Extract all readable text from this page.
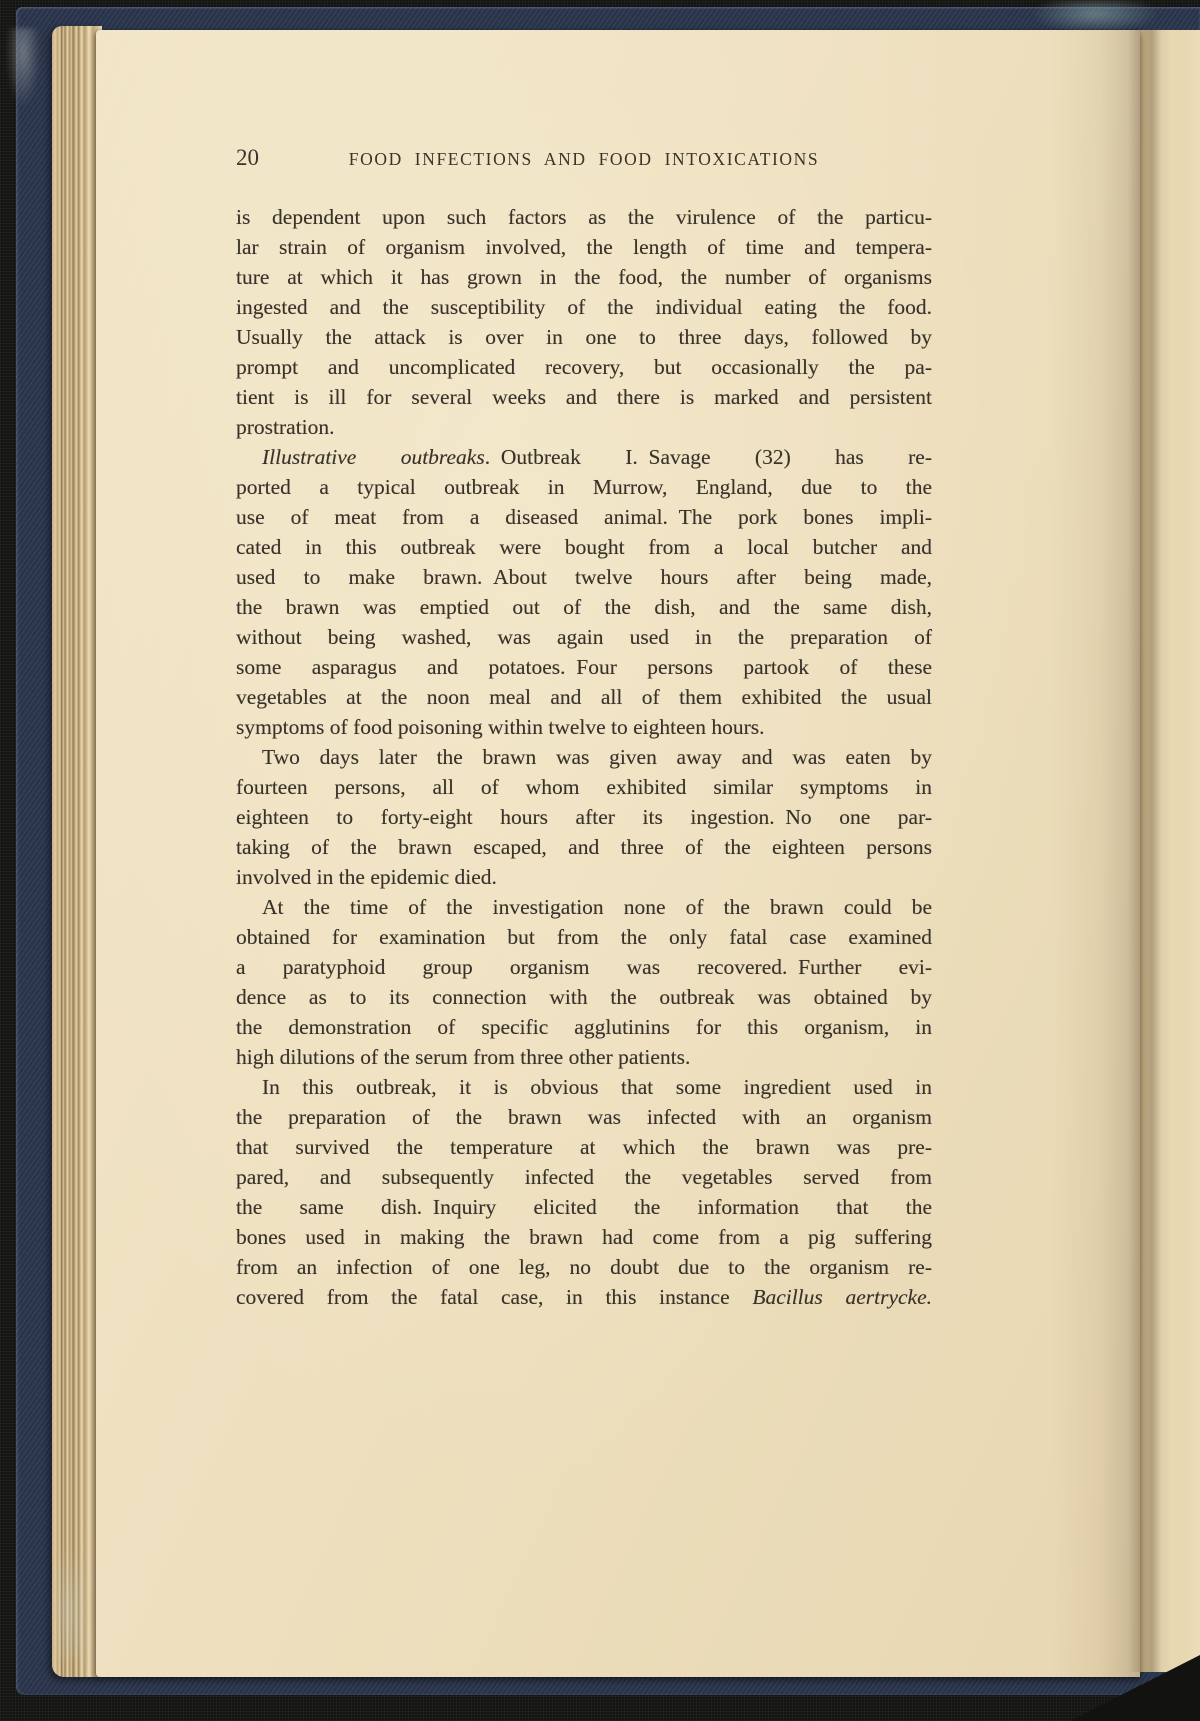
20	FOOD INFECTIONS AND FOOD INTOXICATIONS
is dependent upon such factors as the virulence of the particu-
lar strain of organism involved, the length of time and tempera-
ture at which it has grown in the food, the number of organisms
ingested and the susceptibility of the individual eating the food.
Usually the attack is over in one to three days, followed by
prompt and uncomplicated recovery, but occasionally the pa-
tient is ill for several weeks and there is marked and persistent
prostration.
Illustrative outbreaks. Outbreak I. Savage (32) has re-
ported a typical outbreak in Murrow, England, due to the
use of meat from a diseased animal. The pork bones impli-
cated in this outbreak were bought from a local butcher and
used to make brawn. About twelve hours after being made,
the brawn was emptied out of the dish, and the same dish,
without being washed, was again used in the preparation of
some asparagus and potatoes. Four persons partook of these
vegetables at the noon meal and all of them exhibited the usual
symptoms of food poisoning within twelve to eighteen hours.
Two days later the brawn was given away and was eaten by
fourteen persons, all of whom exhibited similar symptoms in
eighteen to forty-eight hours after its ingestion. No one par-
taking of the brawn escaped, and three of the eighteen persons
involved in the epidemic died.
At the time of the investigation none of the brawn could be
obtained for examination but from the only fatal case examined
a paratyphoid group organism was recovered. Further evi-
dence as to its connection with the outbreak was obtained by
the demonstration of specific agglutinins for this organism, in
high dilutions of the serum from three other patients.
In this outbreak, it is obvious that some ingredient used in
the preparation of the brawn was infected with an organism
that survived the temperature at which the brawn was pre-
pared, and subsequently infected the vegetables served from
the same dish. Inquiry elicited the information that the
bones used in making the brawn had come from a pig suffering
from an infection of one leg, no doubt due to the organism re-
covered from the fatal case, in this instance Bacillus aertrycke.
